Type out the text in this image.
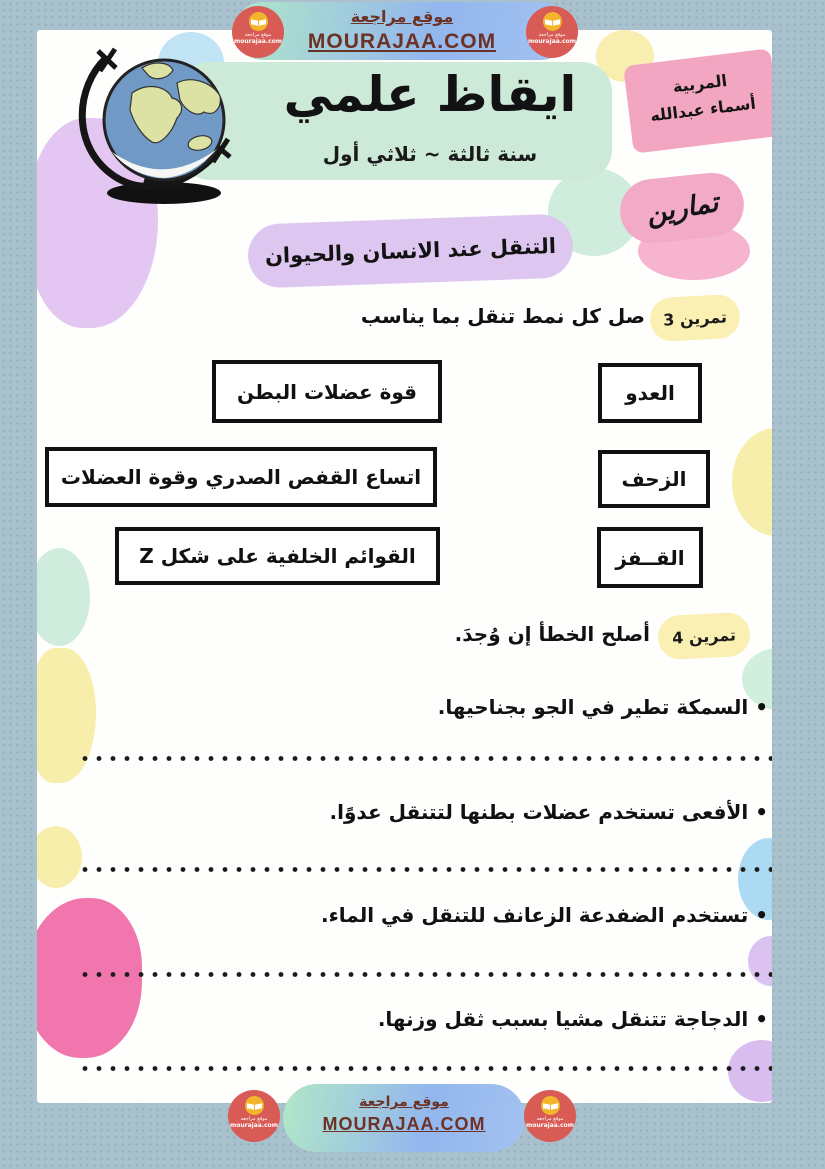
ايقاظ علمي
سنة ثالثة ~ ثلاثي أول
المربية
أسماء عبدالله
تمارين
التنقل عند الانسان والحيوان
تمرين 3
صل كل نمط تنقل بما يناسب
العدو
الزحف
القــفز
قوة عضلات البطن
اتساع القفص الصدري وقوة العضلات
القوائم الخلفية على شكل Z
تمرين 4
أصلح الخطأ إن وُجدَ.
• السمكة تطير في الجو بجناحيها.
• الأفعى تستخدم عضلات بطنها لتتنقل عدوًا.
• تستخدم الضفدعة الزعانف للتنقل في الماء.
• الدجاجة تتنقل مشيا بسبب ثقل وزنها.
موقع مراجعة
MOURAJAA.COM
موقع مراجعة
mourajaa.com
موقع مراجعة
mourajaa.com
موقع مراجعة
MOURAJAA.COM
موقع مراجعة
mourajaa.com
موقع مراجعة
mourajaa.com
